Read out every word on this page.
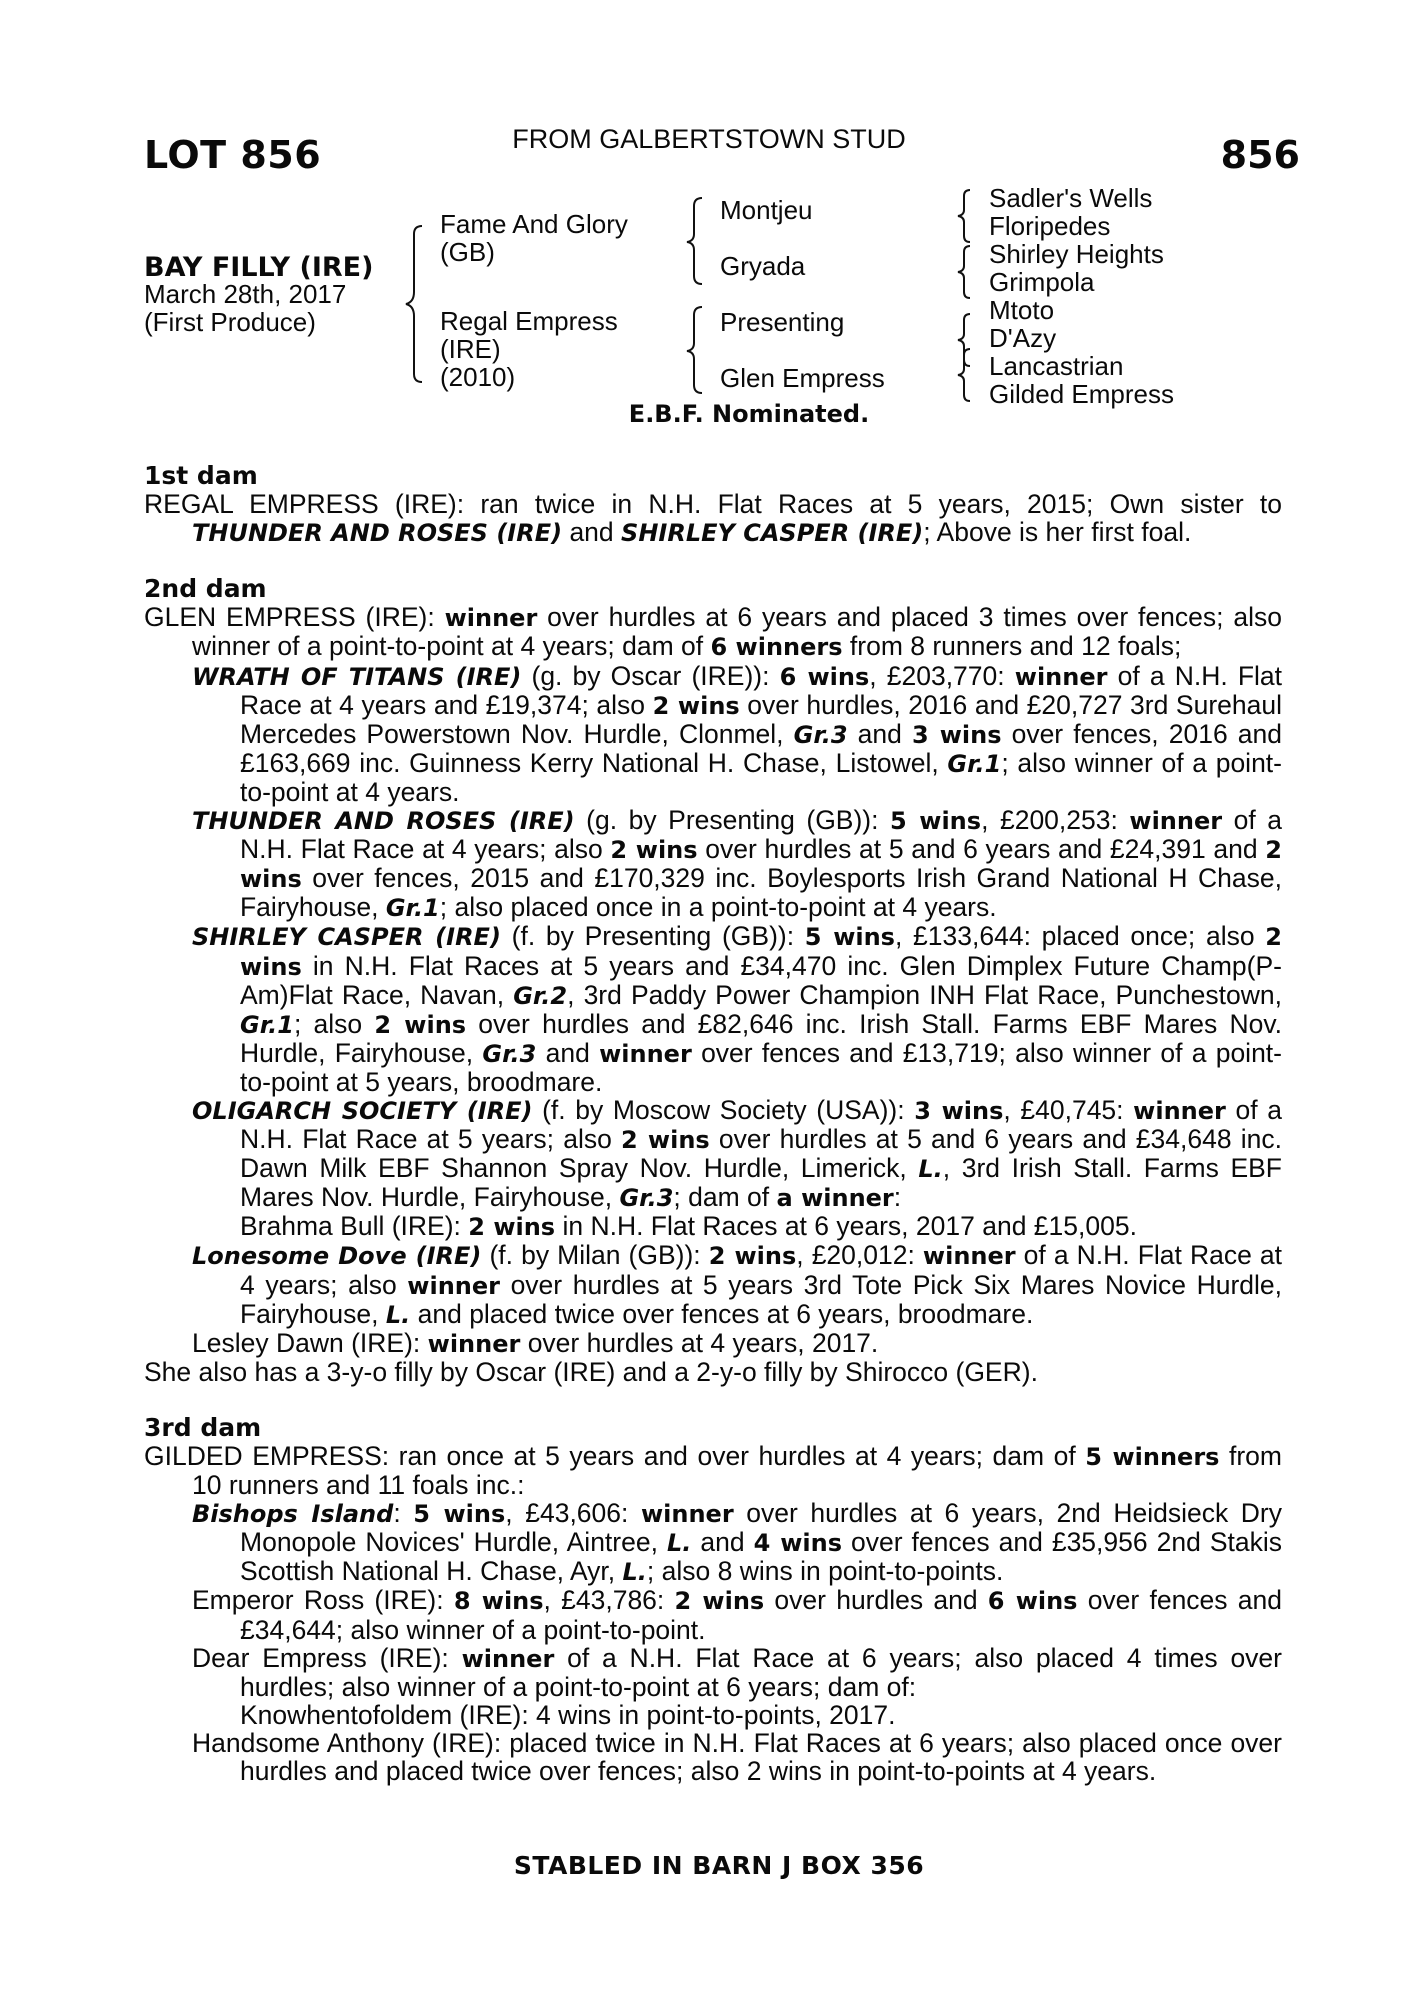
LOT 856	FROM GALBERTSTOWN STUD	856
BAY FILLY (IRE)
March 28th, 2017
(First Produce)
Fame And Glory
(GB)
Regal Empress
(IRE)
(2010)
Montjeu
Gryada
Presenting
Glen Empress
Sadler's Wells
Floripedes
Shirley Heights
Grimpola
Mtoto
D'Azy
Lancastrian
Gilded Empress
E.B.F. Nominated.
1st dam
REGAL EMPRESS (IRE): ran twice in N.H. Flat Races at 5 years, 2015; Own sister to THUNDER AND ROSES (IRE) and SHIRLEY CASPER (IRE); Above is her first foal.
2nd dam
GLEN EMPRESS (IRE): winner over hurdles at 6 years and placed 3 times over fences; also winner of a point-to-point at 4 years; dam of 6 winners from 8 runners and 12 foals;
WRATH OF TITANS (IRE) (g. by Oscar (IRE)): 6 wins, £203,770: winner of a N.H. Flat Race at 4 years and £19,374; also 2 wins over hurdles, 2016 and £20,727 3rd Surehaul Mercedes Powerstown Nov. Hurdle, Clonmel, Gr.3 and 3 wins over fences, 2016 and £163,669 inc. Guinness Kerry National H. Chase, Listowel, Gr.1; also winner of a point-to-point at 4 years.
THUNDER AND ROSES (IRE) (g. by Presenting (GB)): 5 wins, £200,253: winner of a N.H. Flat Race at 4 years; also 2 wins over hurdles at 5 and 6 years and £24,391 and 2 wins over fences, 2015 and £170,329 inc. Boylesports Irish Grand National H Chase, Fairyhouse, Gr.1; also placed once in a point-to-point at 4 years.
SHIRLEY CASPER (IRE) (f. by Presenting (GB)): 5 wins, £133,644: placed once; also 2 wins in N.H. Flat Races at 5 years and £34,470 inc. Glen Dimplex Future Champ(P-Am)Flat Race, Navan, Gr.2, 3rd Paddy Power Champion INH Flat Race, Punchestown, Gr.1; also 2 wins over hurdles and £82,646 inc. Irish Stall. Farms EBF Mares Nov. Hurdle, Fairyhouse, Gr.3 and winner over fences and £13,719; also winner of a point-to-point at 5 years, broodmare.
OLIGARCH SOCIETY (IRE) (f. by Moscow Society (USA)): 3 wins, £40,745: winner of a N.H. Flat Race at 5 years; also 2 wins over hurdles at 5 and 6 years and £34,648 inc. Dawn Milk EBF Shannon Spray Nov. Hurdle, Limerick, L., 3rd Irish Stall. Farms EBF Mares Nov. Hurdle, Fairyhouse, Gr.3; dam of a winner:
Brahma Bull (IRE): 2 wins in N.H. Flat Races at 6 years, 2017 and £15,005.
Lonesome Dove (IRE) (f. by Milan (GB)): 2 wins, £20,012: winner of a N.H. Flat Race at 4 years; also winner over hurdles at 5 years 3rd Tote Pick Six Mares Novice Hurdle, Fairyhouse, L. and placed twice over fences at 6 years, broodmare.
Lesley Dawn (IRE): winner over hurdles at 4 years, 2017.
She also has a 3-y-o filly by Oscar (IRE) and a 2-y-o filly by Shirocco (GER).
3rd dam
GILDED EMPRESS: ran once at 5 years and over hurdles at 4 years; dam of 5 winners from 10 runners and 11 foals inc.:
Bishops Island: 5 wins, £43,606: winner over hurdles at 6 years, 2nd Heidsieck Dry Monopole Novices' Hurdle, Aintree, L. and 4 wins over fences and £35,956 2nd Stakis Scottish National H. Chase, Ayr, L.; also 8 wins in point-to-points.
Emperor Ross (IRE): 8 wins, £43,786: 2 wins over hurdles and 6 wins over fences and £34,644; also winner of a point-to-point.
Dear Empress (IRE): winner of a N.H. Flat Race at 6 years; also placed 4 times over hurdles; also winner of a point-to-point at 6 years; dam of:
Knowhentofoldem (IRE): 4 wins in point-to-points, 2017.
Handsome Anthony (IRE): placed twice in N.H. Flat Races at 6 years; also placed once over hurdles and placed twice over fences; also 2 wins in point-to-points at 4 years.
STABLED IN BARN J BOX 356
